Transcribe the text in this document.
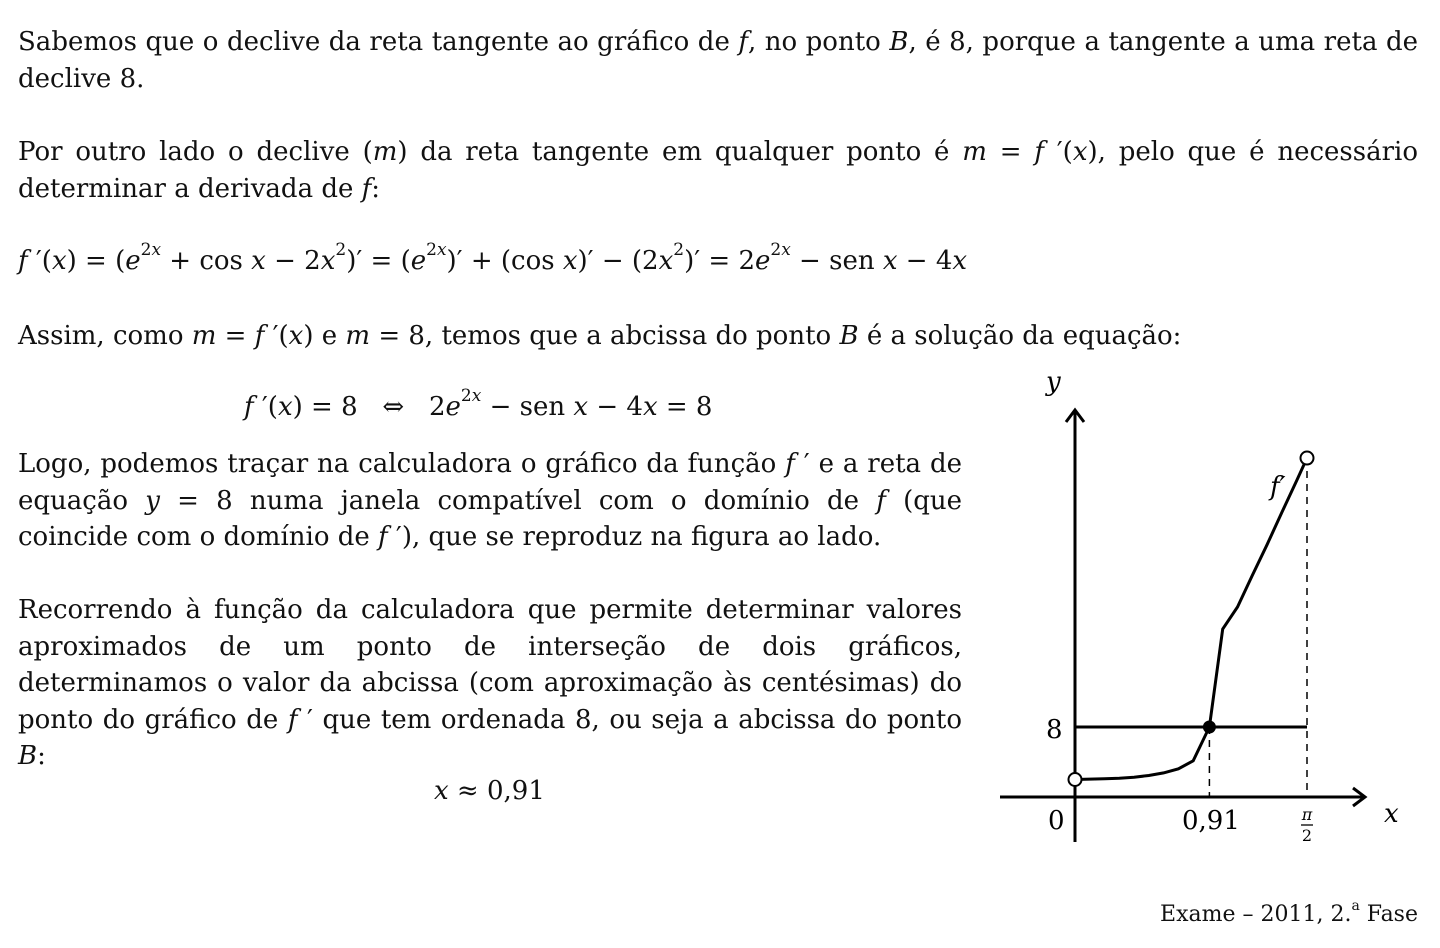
Sabemos que o declive da reta tangente ao gráfico de f, no ponto B, é 8, porque a tangente a uma reta de declive 8.

Por outro lado o declive (m) da reta tangente em qualquer ponto é m = f ′(x), pelo que é necessário determinar a derivada de f:

f $'(x) = (e^{2x} + \cos x - 2x^2)' = (e^{2x})' + (\cos$ $x)' - (2x^2)' = 2e^{2x}$ − sen x − 4x

Assim, como m = f ′(x) e m = 8, temos que a abcissa do ponto B é a solução da equação:

f ′(x) = 8   ⇔   $2e^{2x}$ − sen x − 4x = 8

Logo, podemos traçar na calculadora o gráfico da função f ′ e a reta de equação y = 8 numa janela compatível com o domínio de f (que coincide com o domínio de f ′), que se reproduz na figura ao lado.

Recorrendo à função da calculadora que permite determinar valores aproximados de um ponto de interseção de dois gráficos, determinamos o valor da abcissa (com aproximação às centésimas) do ponto do gráfico de f ′ que tem ordenada 8, ou seja a abcissa do ponto B:

x ≈ 0,91
y
x
f′
0
8
0,91	π
2
Exame – 2011, 2.$^a$ Fase
